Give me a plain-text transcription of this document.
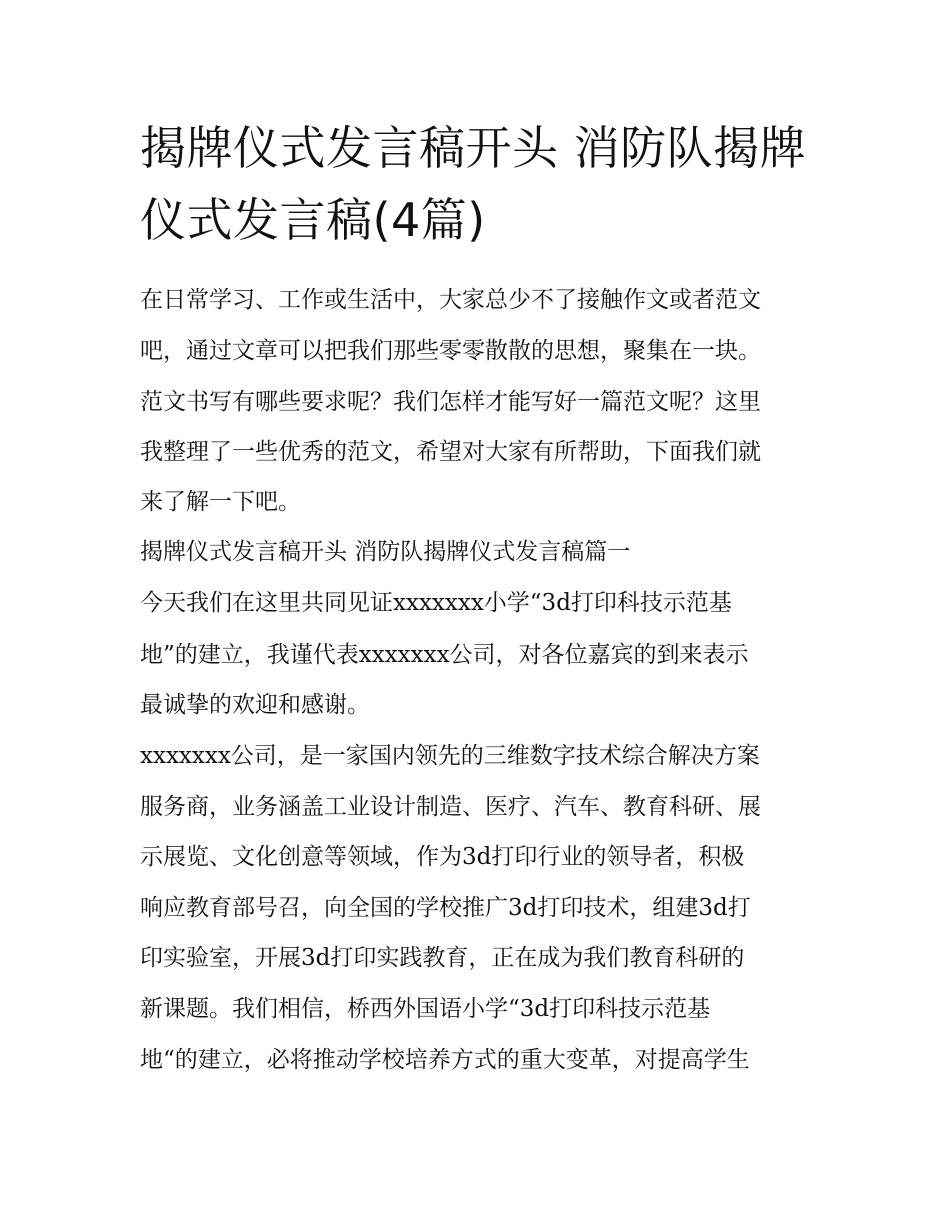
揭牌仪式发言稿开头 消防队揭牌仪式发言稿(4篇)

在日常学习、工作或生活中，大家总少不了接触作文或者范文

吧，通过文章可以把我们那些零零散散的思想，聚集在一块。

范文书写有哪些要求呢？我们怎样才能写好一篇范文呢？这里

我整理了一些优秀的范文，希望对大家有所帮助，下面我们就

来了解一下吧。

揭牌仪式发言稿开头 消防队揭牌仪式发言稿篇一

今天我们在这里共同见证xxxxxxx小学“3d打印科技示范基

地”的建立，我谨代表xxxxxxx公司，对各位嘉宾的到来表示

最诚挚的欢迎和感谢。

xxxxxxx公司，是一家国内领先的三维数字技术综合解决方案

服务商，业务涵盖工业设计制造、医疗、汽车、教育科研、展

示展览、文化创意等领域，作为3d打印行业的领导者，积极

响应教育部号召，向全国的学校推广3d打印技术，组建3d打

印实验室，开展3d打印实践教育，正在成为我们教育科研的

新课题。我们相信，桥西外国语小学“3d打印科技示范基

地“的建立，必将推动学校培养方式的重大变革，对提高学生
